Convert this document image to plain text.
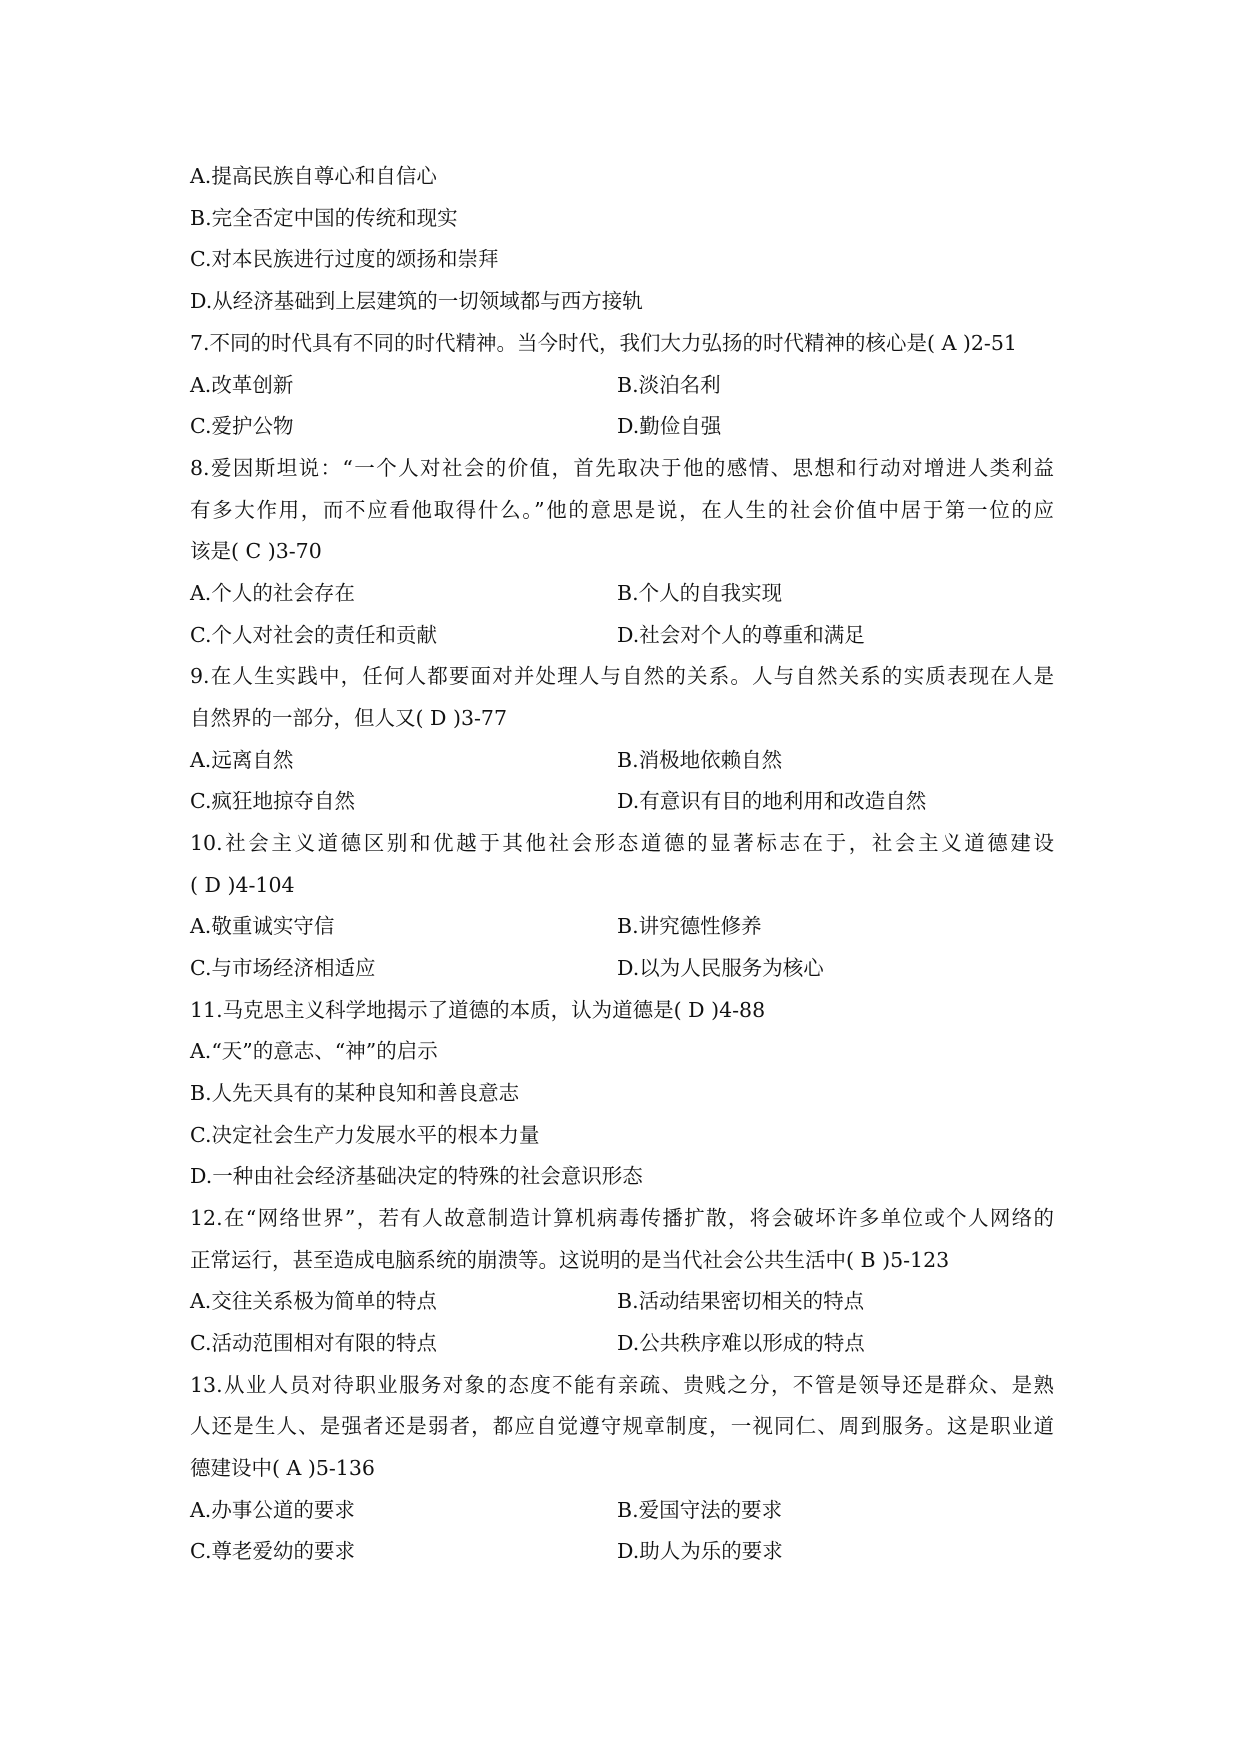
A.提高民族自尊心和自信心
B.完全否定中国的传统和现实
C.对本民族进行过度的颂扬和崇拜
D.从经济基础到上层建筑的一切领域都与西方接轨
7.不同的时代具有不同的时代精神。当今时代，我们大力弘扬的时代精神的核心是( A )2-51
A.改革创新	B.淡泊名利
C.爱护公物	D.勤俭自强
8.爱因斯坦说：“一个人对社会的价值，首先取决于他的感情、思想和行动对增进人类利益
有多大作用，而不应看他取得什么。”他的意思是说，在人生的社会价值中居于第一位的应
该是( C )3-70
A.个人的社会存在	B.个人的自我实现
C.个人对社会的责任和贡献	D.社会对个人的尊重和满足
9.在人生实践中，任何人都要面对并处理人与自然的关系。人与自然关系的实质表现在人是
自然界的一部分，但人又( D )3-77
A.远离自然	B.消极地依赖自然
C.疯狂地掠夺自然	D.有意识有目的地利用和改造自然
10.社会主义道德区别和优越于其他社会形态道德的显著标志在于，社会主义道德建设
( D )4-104
A.敬重诚实守信	B.讲究德性修养
C.与市场经济相适应	D.以为人民服务为核心
11.马克思主义科学地揭示了道德的本质，认为道德是( D )4-88
A.“天”的意志、“神”的启示
B.人先天具有的某种良知和善良意志
C.决定社会生产力发展水平的根本力量
D.一种由社会经济基础决定的特殊的社会意识形态
12.在“网络世界”，若有人故意制造计算机病毒传播扩散，将会破坏许多单位或个人网络的
正常运行，甚至造成电脑系统的崩溃等。这说明的是当代社会公共生活中( B )5-123
A.交往关系极为简单的特点	B.活动结果密切相关的特点
C.活动范围相对有限的特点	D.公共秩序难以形成的特点
13.从业人员对待职业服务对象的态度不能有亲疏、贵贱之分，不管是领导还是群众、是熟
人还是生人、是强者还是弱者，都应自觉遵守规章制度，一视同仁、周到服务。这是职业道
德建设中( A )5-136
A.办事公道的要求	B.爱国守法的要求
C.尊老爱幼的要求	D.助人为乐的要求
